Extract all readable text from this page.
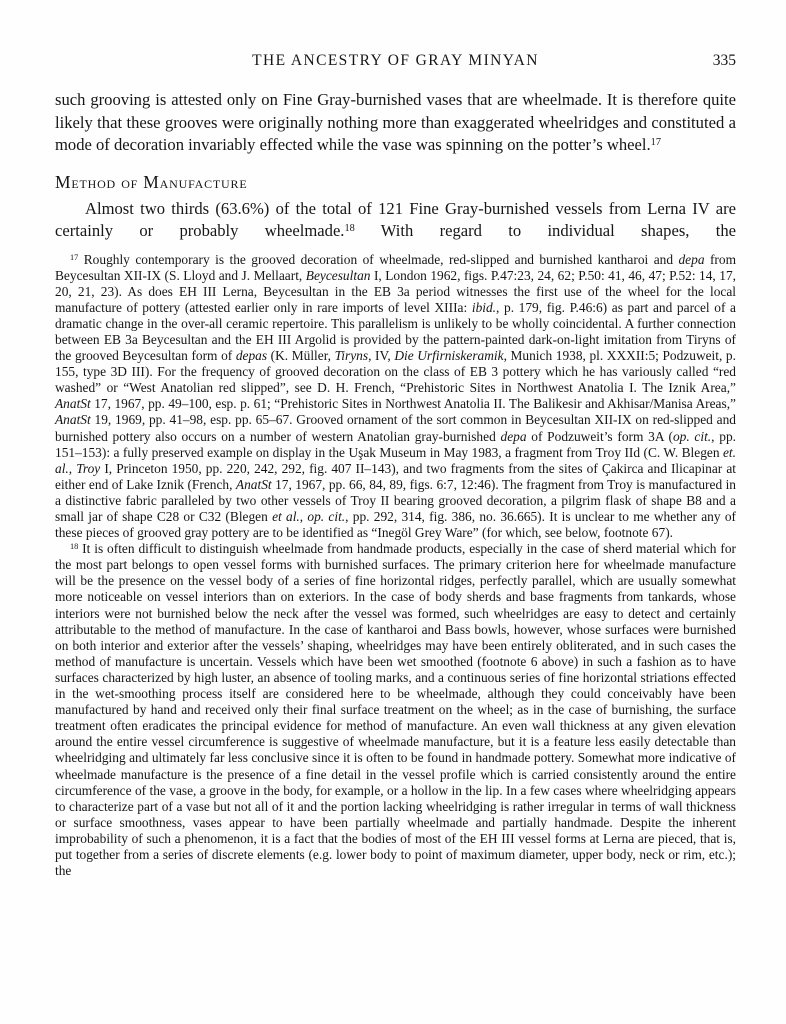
THE ANCESTRY OF GRAY MINYAN	335

such grooving is attested only on Fine Gray-burnished vases that are wheelmade. It is therefore quite likely that these grooves were originally nothing more than exaggerated wheelridges and constituted a mode of decoration invariably effected while the vase was spinning on the potter’s wheel.$^{17}$

Method of Manufacture

Almost two thirds (63.6%) of the total of 121 Fine Gray-burnished vessels from Lerna IV are certainly or probably wheelmade.$^{18}$ With regard to individual shapes, the

$^{17}$ Roughly contemporary is the grooved decoration of wheelmade, red-slipped and burnished kantharoi and depa from Beycesultan XII-IX (S. Lloyd and J. Mellaart, Beycesultan I, London 1962, figs. P.47:23, 24, 62; P.50: 41, 46, 47; P.52: 14, 17, 20, 21, 23). As does EH III Lerna, Beycesultan in the EB 3a period witnesses the first use of the wheel for the local manufacture of pottery (attested earlier only in rare imports of level XIIIa: ibid., p. 179, fig. P.46:6) as part and parcel of a dramatic change in the over-all ceramic repertoire. This parallelism is unlikely to be wholly coincidental. A further connection between EB 3a Beycesultan and the EH III Argolid is provided by the pattern-painted dark-on-light imitation from Tiryns of the grooved Beycesultan form of depas (K. Müller, Tiryns, IV, Die Urfirniskeramik, Munich 1938, pl. XXXII:5; Podzuweit, p. 155, type 3D III). For the frequency of grooved decoration on the class of EB 3 pottery which he has variously called “red washed” or “West Anatolian red slipped”, see D. H. French, “Prehistoric Sites in Northwest Anatolia I. The Iznik Area,” AnatSt 17, 1967, pp. 49–100, esp. p. 61; “Prehistoric Sites in Northwest Anatolia II. The Balikesir and Akhisar/Manisa Areas,” AnatSt 19, 1969, pp. 41–98, esp. pp. 65–67. Grooved ornament of the sort common in Beycesultan XII-IX on red-slipped and burnished pottery also occurs on a number of western Anatolian gray-burnished depa of Podzuweit’s form 3A (op. cit., pp. 151–153): a fully preserved example on display in the Uşak Museum in May 1983, a fragment from Troy IId (C. W. Blegen et. al., Troy I, Princeton 1950, pp. 220, 242, 292, fig. 407 II–143), and two fragments from the sites of Çakirca and Ilicapinar at either end of Lake Iznik (French, AnatSt 17, 1967, pp. 66, 84, 89, figs. 6:7, 12:46). The fragment from Troy is manufactured in a distinctive fabric paralleled by two other vessels of Troy II bearing grooved decoration, a pilgrim flask of shape B8 and a small jar of shape C28 or C32 (Blegen et al., op. cit., pp. 292, 314, fig. 386, no. 36.665). It is unclear to me whether any of these pieces of grooved gray pottery are to be identified as “Inegöl Grey Ware” (for which, see below, footnote 67).

$^{18}$ It is often difficult to distinguish wheelmade from handmade products, especially in the case of sherd material which for the most part belongs to open vessel forms with burnished surfaces. The primary criterion here for wheelmade manufacture will be the presence on the vessel body of a series of fine horizontal ridges, perfectly parallel, which are usually somewhat more noticeable on vessel interiors than on exteriors. In the case of body sherds and base fragments from tankards, whose interiors were not burnished below the neck after the vessel was formed, such wheelridges are easy to detect and certainly attributable to the method of manufacture. In the case of kantharoi and Bass bowls, however, whose surfaces were burnished on both interior and exterior after the vessels’ shaping, wheelridges may have been entirely obliterated, and in such cases the method of manufacture is uncertain. Vessels which have been wet smoothed (footnote 6 above) in such a fashion as to have surfaces characterized by high luster, an absence of tooling marks, and a continuous series of fine horizontal striations effected in the wet-smoothing process itself are considered here to be wheelmade, although they could conceivably have been manufactured by hand and received only their final surface treatment on the wheel; as in the case of burnishing, the surface treatment often eradicates the principal evidence for method of manufacture. An even wall thickness at any given elevation around the entire vessel circumference is suggestive of wheelmade manufacture, but it is a feature less easily detectable than wheelridging and ultimately far less conclusive since it is often to be found in handmade pottery. Somewhat more indicative of wheelmade manufacture is the presence of a fine detail in the vessel profile which is carried consistently around the entire circumference of the vase, a groove in the body, for example, or a hollow in the lip. In a few cases where wheelridging appears to characterize part of a vase but not all of it and the portion lacking wheelridging is rather irregular in terms of wall thickness or surface smoothness, vases appear to have been partially wheelmade and partially handmade. Despite the inherent improbability of such a phenomenon, it is a fact that the bodies of most of the EH III vessel forms at Lerna are pieced, that is, put together from a series of discrete elements (e.g. lower body to point of maximum diameter, upper body, neck or rim, etc.); the
